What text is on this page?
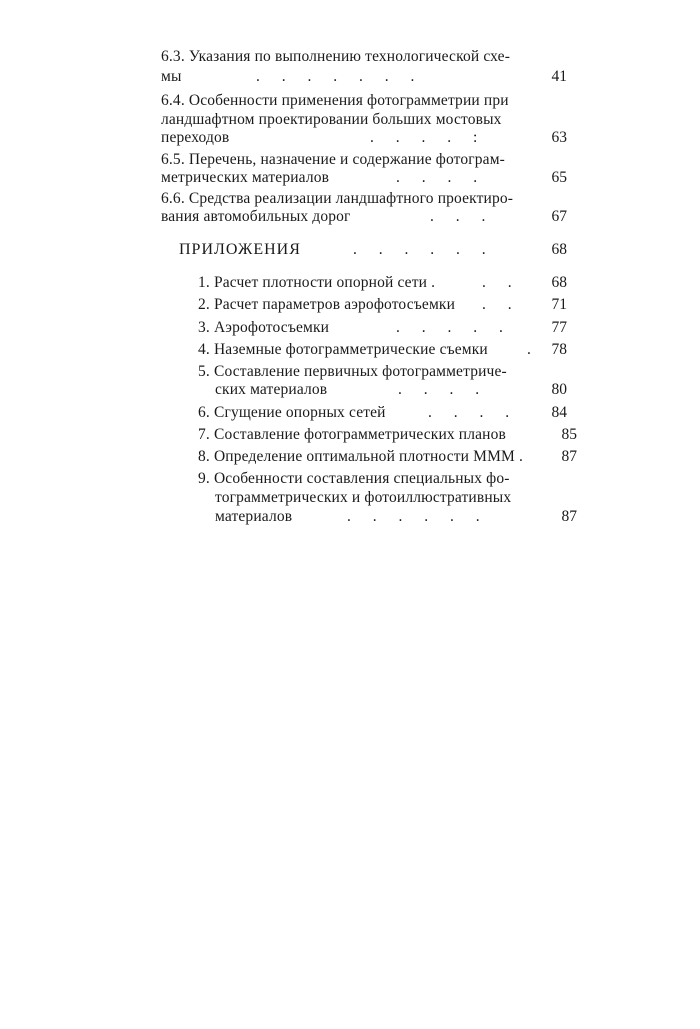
6.3. Указания по выполнению технологической схе-
мы	. . . . . . .	41
6.4. Особенности применения фотограмметрии при
ландшафтном проектировании больших мостовых
переходов	. . . . :	63
6.5. Перечень, назначение и содержание фотограм-
метрических материалов	. . . .	65
6.6. Средства реализации ландшафтного проектиро-
вания автомобильных дорог	. . .	67
ПРИЛОЖЕНИЯ	. . . . . .	68
1. Расчет плотности опорной сети .	. .	68
2. Расчет параметров аэрофотосъемки . .	71
3. Аэрофотосъемки	. . . . .	77
4. Наземные фотограмметрические съемки	.	78
5. Составление первичных фотограмметриче-
ских материалов	. . . .	80
6. Сгущение опорных сетей	. . . .	84
7. Составление фотограмметрических планов	85
8. Определение оптимальной плотности МММ .	87
9. Особенности составления специальных фо-
тограмметрических и фотоиллюстративных
материалов	. . . . . .	87
